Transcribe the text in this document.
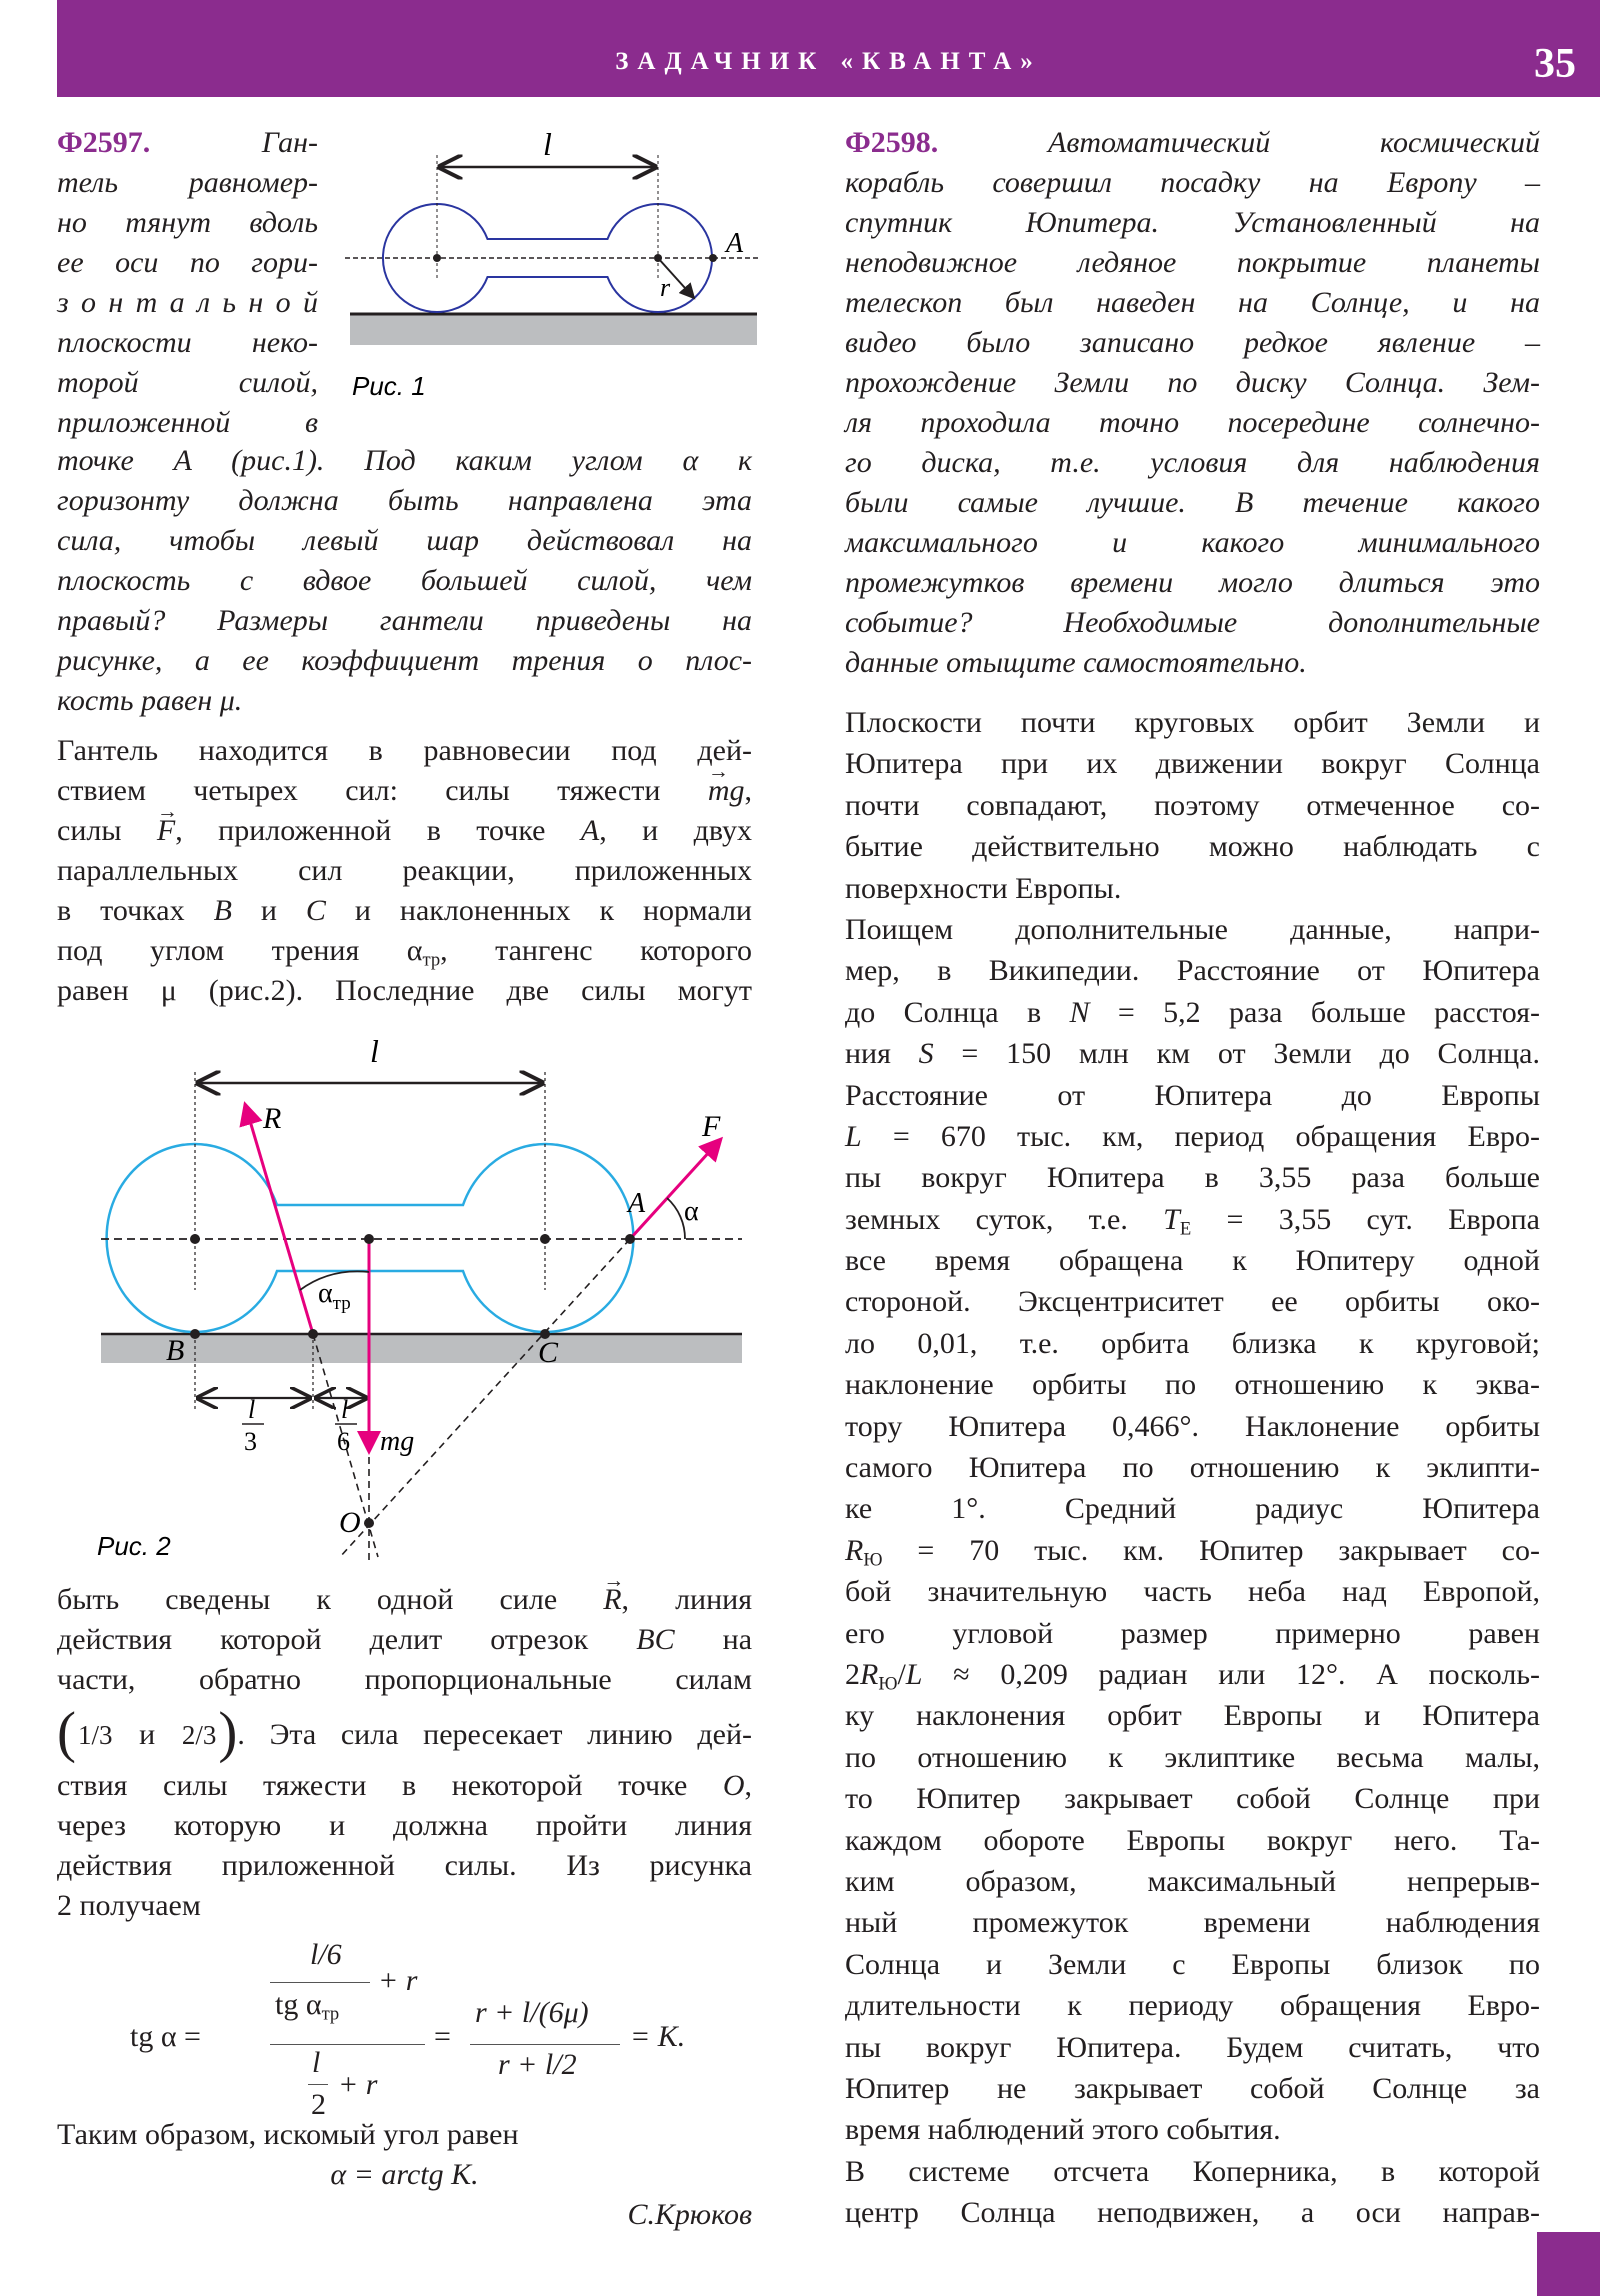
ЗАДАЧНИК «КВАНТА»	35
Ф2597. Ган-
тель равномер-
но тянут вдоль
ее оси по гори-
з о н т а л ь н о й
плоскости неко-
торой силой,
приложенной в
точке A (рис.1). Под каким углом α к
горизонту должна быть направлена эта
сила, чтобы левый шар действовал на
плоскость с вдвое большей силой, чем
правый? Размеры гантели приведены на
рисунке, а ее коэффициент трения о плос-
кость равен μ.
Гантель находится в равновесии под дей-
ствием четырех сил: силы тяжести mg →,
силы F →, приложенной в точке A, и двух
параллельных сил реакции, приложенных
в точках B и C и наклоненных к нормали
под углом трения $\alpha_{тр}$, тангенс которого
равен μ (рис.2). Последние две силы могут
быть сведены к одной силе R →, линия
действия которой делит отрезок BC на
части, обратно пропорциональные силам
(1/3 и 2/3). Эта сила пересекает линию дей-
ствия силы тяжести в некоторой точке O,
через которую и должна пройти линия
действия приложенной силы. Из рисунка
2 получаем
l
A
r
Рис. 1
l
R	F
A α
B	C
$\alpha_{тр}$
l
3
l
6 mg
O
Рис. 2
tg α =
l/6
+ r
tg $\alpha_{тр}$
l
2
+ r
=
r + l/(6μ)
r + l/2
= K.
Таким образом, искомый угол равен
α = arctg K.
С.Крюков
Ф2598. Автоматический космический
корабль совершил посадку на Европу –
спутник Юпитера. Установленный на
неподвижное ледяное покрытие планеты
телескоп был наведен на Солнце, и на
видео было записано редкое явление –
прохождение Земли по диску Солнца. Зем-
ля проходила точно посередине солнечно-
го диска, т.е. условия для наблюдения
были самые лучшие. В течение какого
максимального и какого минимального
промежутков времени могло длиться это
событие? Необходимые дополнительные
данные отыщите самостоятельно.
Плоскости почти круговых орбит Земли и
Юпитера при их движении вокруг Солнца
почти совпадают, поэтому отмеченное со-
бытие действительно можно наблюдать с
поверхности Европы.
Поищем дополнительные данные, напри-
мер, в Википедии. Расстояние от Юпитера
до Солнца в N = 5,2 раза больше расстоя-
ния S = 150 млн км от Земли до Солнца.
Расстояние от Юпитера до Европы
L = 670 тыс. км, период обращения Евро-
пы вокруг Юпитера в 3,55 раза больше
земных суток, т.е. $T_E = 3,55$ сут. Европа
все время обращена к Юпитеру одной
стороной. Эксцентриситет ее орбиты око-
ло 0,01, т.е. орбита близка к круговой;
наклонение орбиты по отношению к эква-
тору Юпитера 0,466°. Наклонение орбиты
самого Юпитера по отношению к эклипти-
ке 1°. Средний радиус Юпитера
$R_Ю = 70$ тыс. км. Юпитер закрывает со-
бой значительную часть неба над Европой,
его угловой размер примерно равен
$2R_Ю/L \approx 0,209$ радиан или 12°. А посколь-
ку наклонения орбит Европы и Юпитера
по отношению к эклиптике весьма малы,
то Юпитер закрывает собой Солнце при
каждом обороте Европы вокруг него. Та-
ким образом, максимальный непрерыв-
ный промежуток времени наблюдения
Солнца и Земли с Европы близок по
длительности к периоду обращения Евро-
пы вокруг Юпитера. Будем считать, что
Юпитер не закрывает собой Солнце за
время наблюдений этого события.
В системе отсчета Коперника, в которой
центр Солнца неподвижен, а оси направ-
